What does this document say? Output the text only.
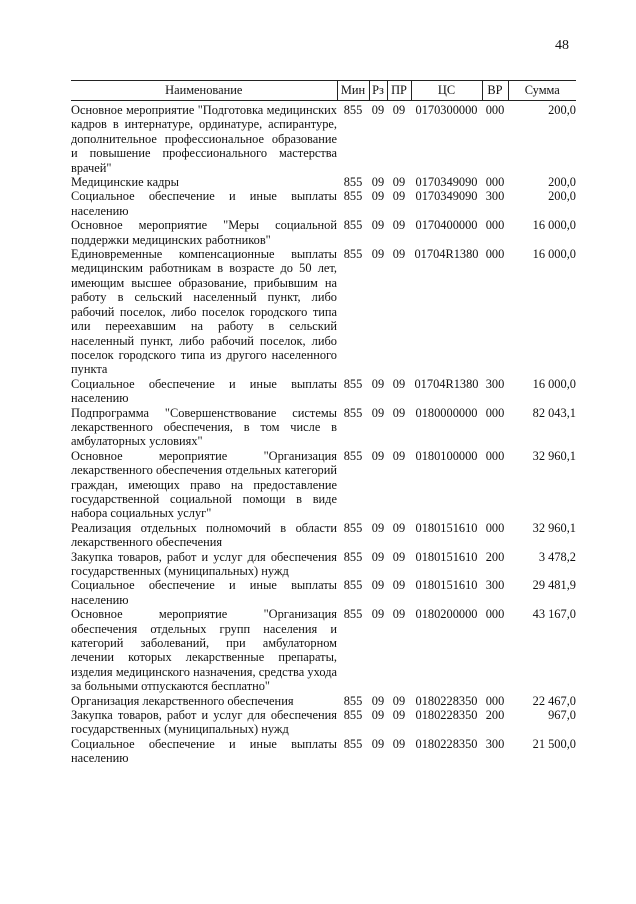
48
Наименование	Мин	Рз	ПР	ЦС	ВР	Сумма
Основное мероприятие "Подготовка медицинских кадров в интернатуре, ординатуре, аспирантуре, дополнительное профессиональное образование и повышение профессионального мастерства врачей"	855	09	09	0170300000	000	200,0
Медицинские кадры	855	09	09	0170349090	000	200,0
Социальное обеспечение и иные выплаты населению	855	09	09	0170349090	300	200,0
Основное мероприятие "Меры социальной поддержки медицинских работников"	855	09	09	0170400000	000	16 000,0
Единовременные компенсационные выплаты медицинским работникам в возрасте до 50 лет, имеющим высшее образование, прибывшим на работу в сельский населенный пункт, либо рабочий поселок, либо поселок городского типа или переехавшим на работу в сельский населенный пункт, либо рабочий поселок, либо поселок городского типа из другого населенного пункта	855	09	09	01704R1380	000	16 000,0
Социальное обеспечение и иные выплаты населению	855	09	09	01704R1380	300	16 000,0
Подпрограмма "Совершенствование системы лекарственного обеспечения, в том числе в амбулаторных условиях"	855	09	09	0180000000	000	82 043,1
Основное мероприятие "Организация лекарственного обеспечения отдельных категорий граждан, имеющих право на предоставление государственной социальной помощи в виде набора социальных услуг"	855	09	09	0180100000	000	32 960,1
Реализация отдельных полномочий в области лекарственного обеспечения	855	09	09	0180151610	000	32 960,1
Закупка товаров, работ и услуг для обеспечения государственных (муниципальных) нужд	855	09	09	0180151610	200	3 478,2
Социальное обеспечение и иные выплаты населению	855	09	09	0180151610	300	29 481,9
Основное мероприятие "Организация обеспечения отдельных групп населения и категорий заболеваний, при амбулаторном лечении которых лекарственные препараты, изделия медицинского назначения, средства ухода за больными отпускаются бесплатно"	855	09	09	0180200000	000	43 167,0
Организация лекарственного обеспечения	855	09	09	0180228350	000	22 467,0
Закупка товаров, работ и услуг для обеспечения государственных (муниципальных) нужд	855	09	09	0180228350	200	967,0
Социальное обеспечение и иные выплаты населению	855	09	09	0180228350	300	21 500,0
